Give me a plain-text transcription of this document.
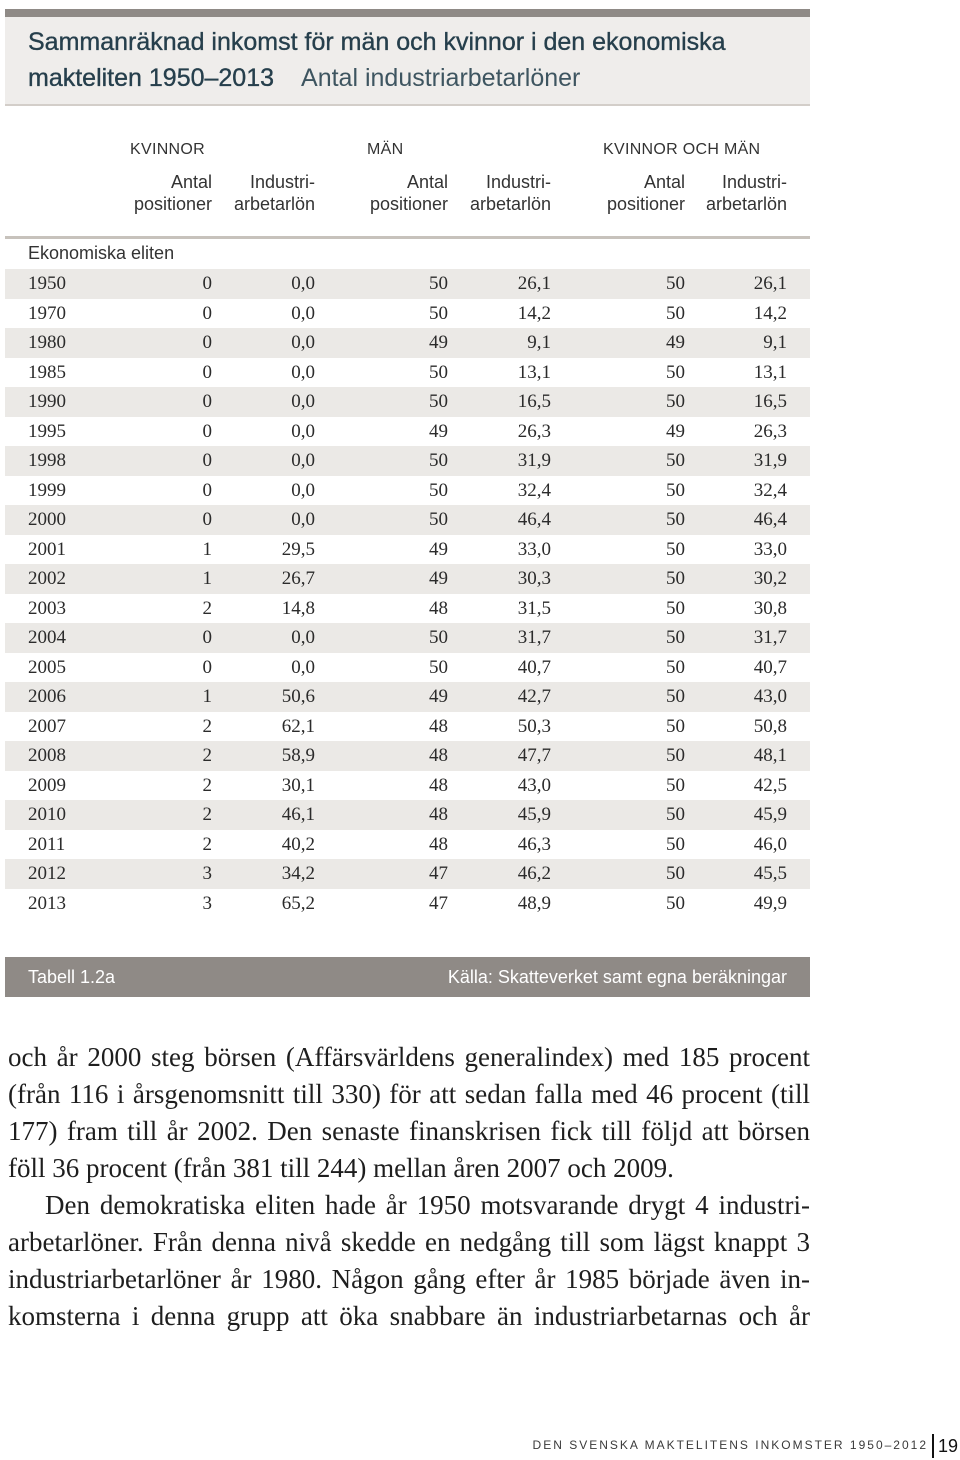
Sammanräknad inkomst för män och kvinnor i den ekonomiska
makteliten 1950–2013 Antal industriarbetarlöner
KVINNOR	MÄN	KVINNOR OCH MÄN
Antal
positioner
Industri-
arbetarlön
Antal
positioner
Industri-
arbetarlön
Antal
positioner
Industri-
arbetarlön
Ekonomiska eliten
1950	0	0,0	50	26,1	50	26,1
1970	0	0,0	50	14,2	50	14,2
1980	0	0,0	49	9,1	49	9,1
1985	0	0,0	50	13,1	50	13,1
1990	0	0,0	50	16,5	50	16,5
1995	0	0,0	49	26,3	49	26,3
1998	0	0,0	50	31,9	50	31,9
1999	0	0,0	50	32,4	50	32,4
2000	0	0,0	50	46,4	50	46,4
2001	1	29,5	49	33,0	50	33,0
2002	1	26,7	49	30,3	50	30,2
2003	2	14,8	48	31,5	50	30,8
2004	0	0,0	50	31,7	50	31,7
2005	0	0,0	50	40,7	50	40,7
2006	1	50,6	49	42,7	50	43,0
2007	2	62,1	48	50,3	50	50,8
2008	2	58,9	48	47,7	50	48,1
2009	2	30,1	48	43,0	50	42,5
2010	2	46,1	48	45,9	50	45,9
2011	2	40,2	48	46,3	50	46,0
2012	3	34,2	47	46,2	50	45,5
2013	3	65,2	47	48,9	50	49,9
Tabell 1.2a	Källa: Skatteverket samt egna beräkningar
och år 2000 steg börsen (Affärsvärldens generalindex) med 185 procent
(från 116 i årsgenomsnitt till 330) för att sedan falla med 46 procent (till
177) fram till år 2002. Den senaste finanskrisen fick till följd att börsen
föll 36 procent (från 381 till 244) mellan åren 2007 och 2009.
Den demokratiska eliten hade år 1950 motsvarande drygt 4 industri-
arbetarlöner. Från denna nivå skedde en nedgång till som lägst knappt 3
industriarbetarlöner år 1980. Någon gång efter år 1985 började även in-
komsterna i denna grupp att öka snabbare än industriarbetarnas och år
DEN SVENSKA MAKTELITENS INKOMSTER 1950–2012 19
